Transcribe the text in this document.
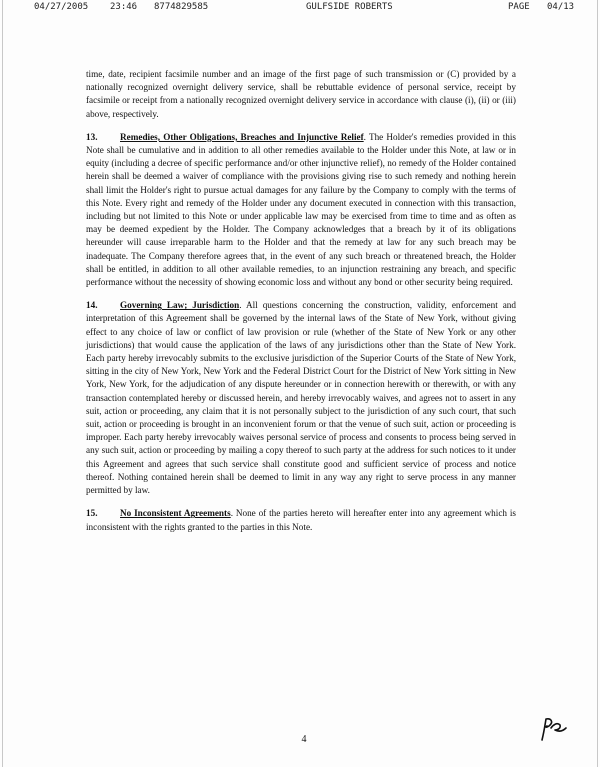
04/27/2005 23:46 8774829585	GULFSIDE ROBERTS	PAGE 04/13

time, date, recipient facsimile number and an image of the first page of such transmission or (C) provided by a nationally recognized overnight delivery service, shall be rebuttable evidence of personal service, receipt by facsimile or receipt from a nationally recognized overnight delivery service in accordance with clause (i), (ii) or (iii) above, respectively.

13. Remedies, Other Obligations, Breaches and Injunctive Relief. The Holder's remedies provided in this Note shall be cumulative and in addition to all other remedies available to the Holder under this Note, at law or in equity (including a decree of specific performance and/or other injunctive relief), no remedy of the Holder contained herein shall be deemed a waiver of compliance with the provisions giving rise to such remedy and nothing herein shall limit the Holder's right to pursue actual damages for any failure by the Company to comply with the terms of this Note. Every right and remedy of the Holder under any document executed in connection with this transaction, including but not limited to this Note or under applicable law may be exercised from time to time and as often as may be deemed expedient by the Holder. The Company acknowledges that a breach by it of its obligations hereunder will cause irreparable harm to the Holder and that the remedy at law for any such breach may be inadequate. The Company therefore agrees that, in the event of any such breach or threatened breach, the Holder shall be entitled, in addition to all other available remedies, to an injunction restraining any breach, and specific performance without the necessity of showing economic loss and without any bond or other security being required.

14. Governing Law; Jurisdiction. All questions concerning the construction, validity, enforcement and interpretation of this Agreement shall be governed by the internal laws of the State of New York, without giving effect to any choice of law or conflict of law provision or rule (whether of the State of New York or any other jurisdictions) that would cause the application of the laws of any jurisdictions other than the State of New York. Each party hereby irrevocably submits to the exclusive jurisdiction of the Superior Courts of the State of New York, sitting in the city of New York, New York and the Federal District Court for the District of New York sitting in New York, New York, for the adjudication of any dispute hereunder or in connection herewith or therewith, or with any transaction contemplated hereby or discussed herein, and hereby irrevocably waives, and agrees not to assert in any suit, action or proceeding, any claim that it is not personally subject to the jurisdiction of any such court, that such suit, action or proceeding is brought in an inconvenient forum or that the venue of such suit, action or proceeding is improper. Each party hereby irrevocably waives personal service of process and consents to process being served in any such suit, action or proceeding by mailing a copy thereof to such party at the address for such notices to it under this Agreement and agrees that such service shall constitute good and sufficient service of process and notice thereof. Nothing contained herein shall be deemed to limit in any way any right to serve process in any manner permitted by law.

15. No Inconsistent Agreements. None of the parties hereto will hereafter enter into any agreement which is inconsistent with the rights granted to the parties in this Note.

4
